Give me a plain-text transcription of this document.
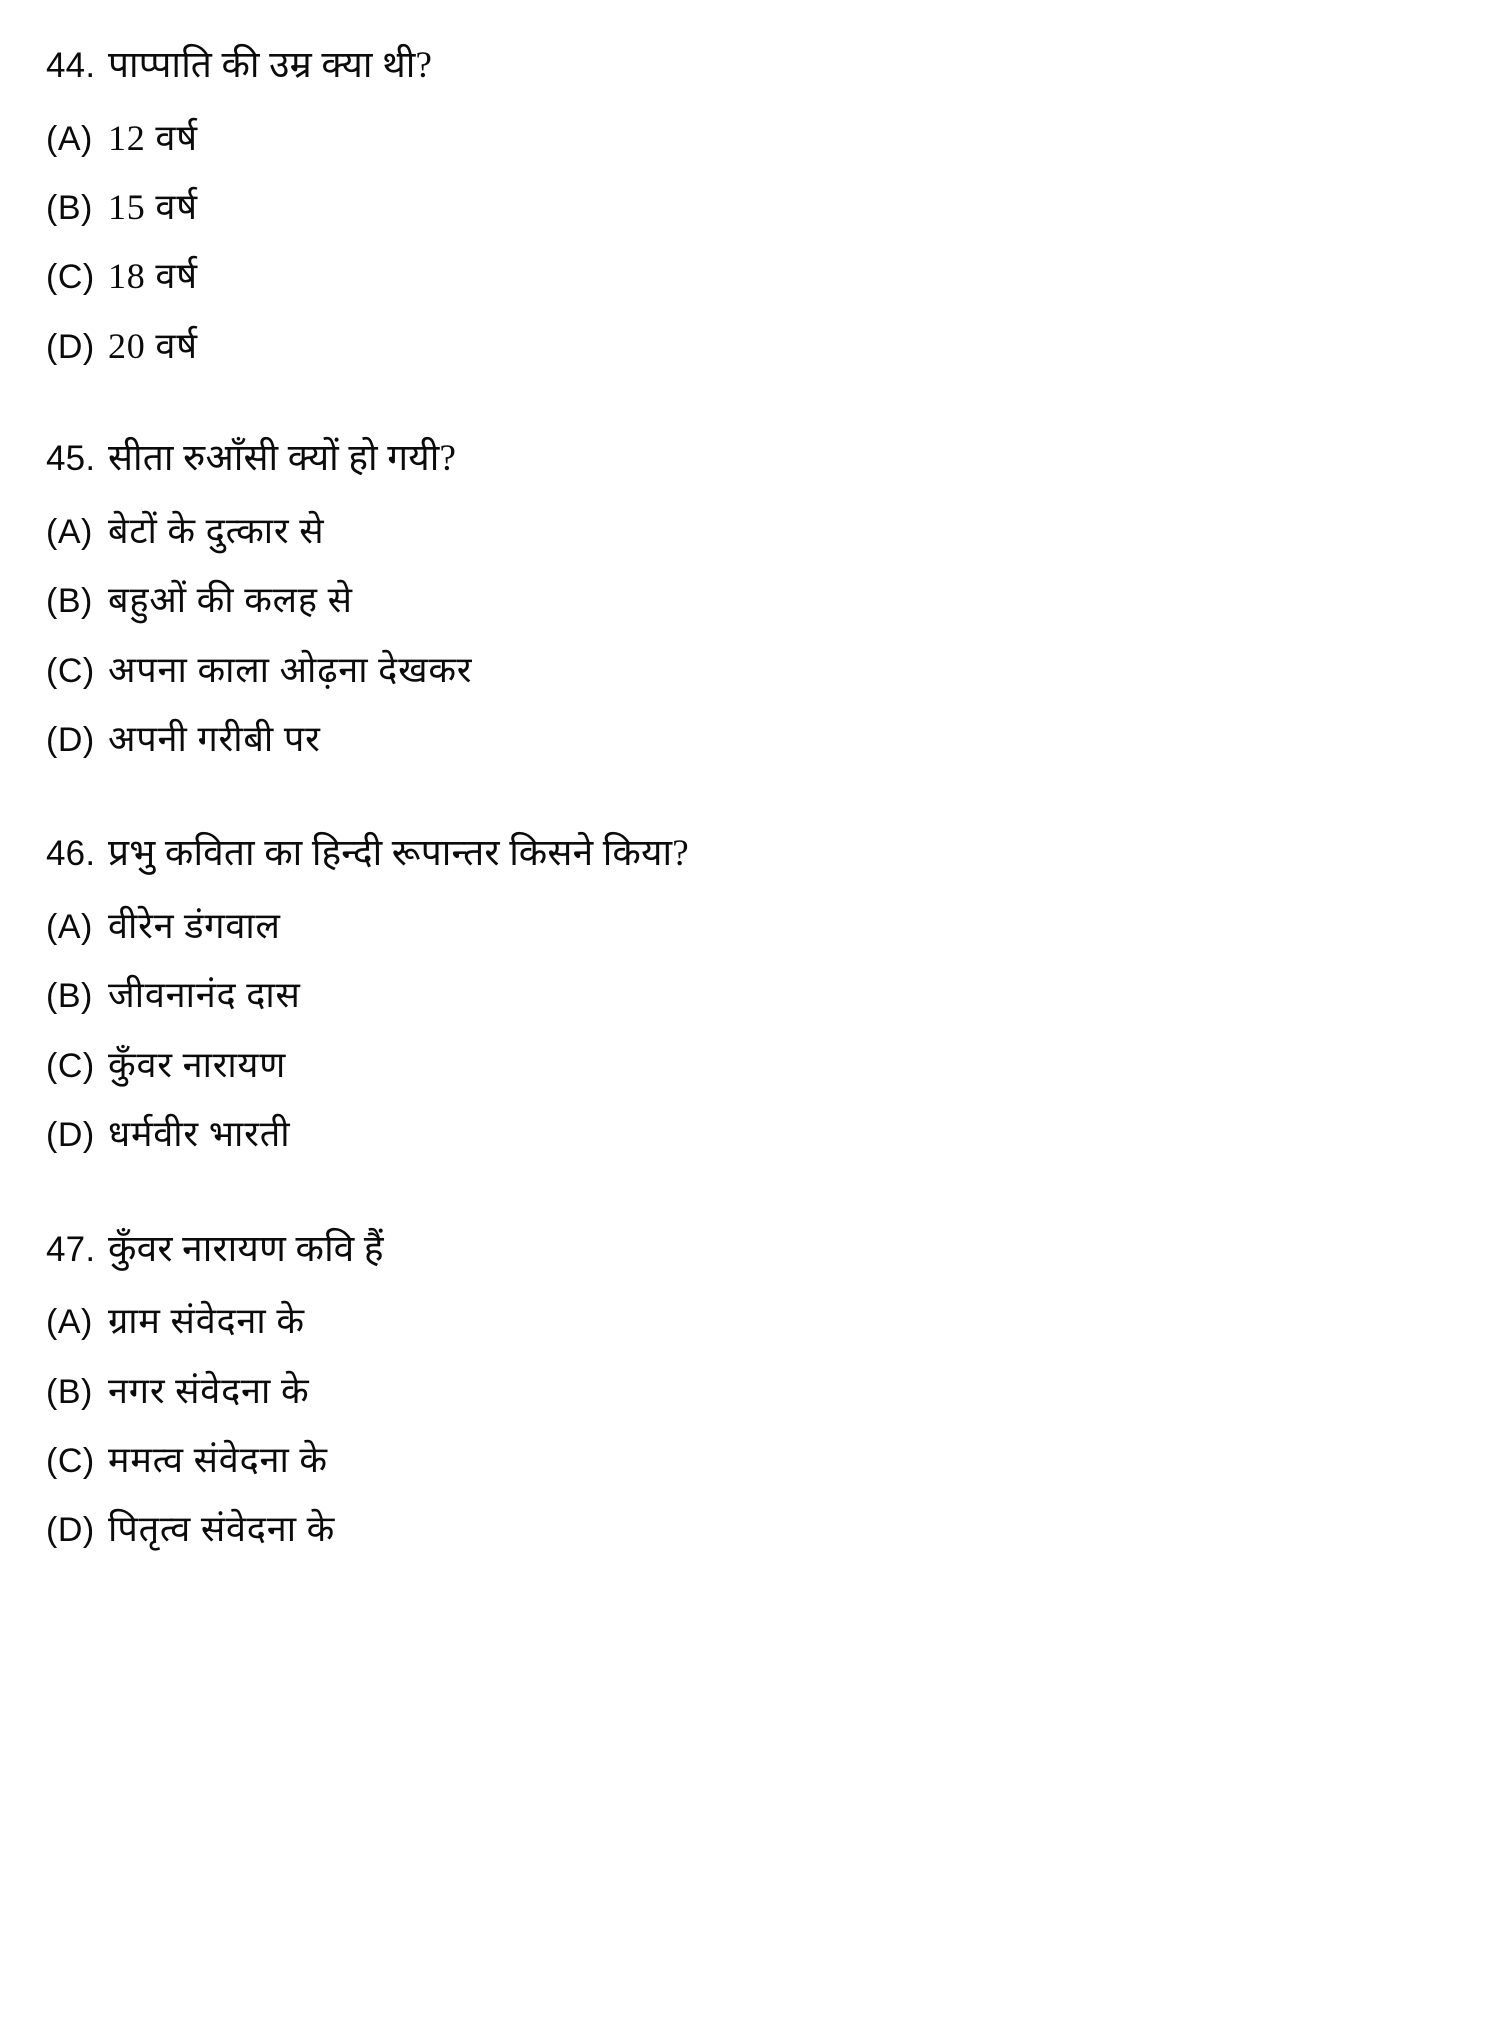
44. पाप्पाति की उम्र क्या थी?
(A) 12 वर्ष
(B) 15 वर्ष
(C) 18 वर्ष
(D) 20 वर्ष
45. सीता रुआँसी क्यों हो गयी?
(A) बेटों के दुत्कार से
(B) बहुओं की कलह से
(C) अपना काला ओढ़ना देखकर
(D) अपनी गरीबी पर
46. प्रभु कविता का हिन्दी रूपान्तर किसने किया?
(A) वीरेन डंगवाल
(B) जीवनानंद दास
(C) कुँवर नारायण
(D) धर्मवीर भारती
47. कुँवर नारायण कवि हैं
(A) ग्राम संवेदना के
(B) नगर संवेदना के
(C) ममत्व संवेदना के
(D) पितृत्व संवेदना के
